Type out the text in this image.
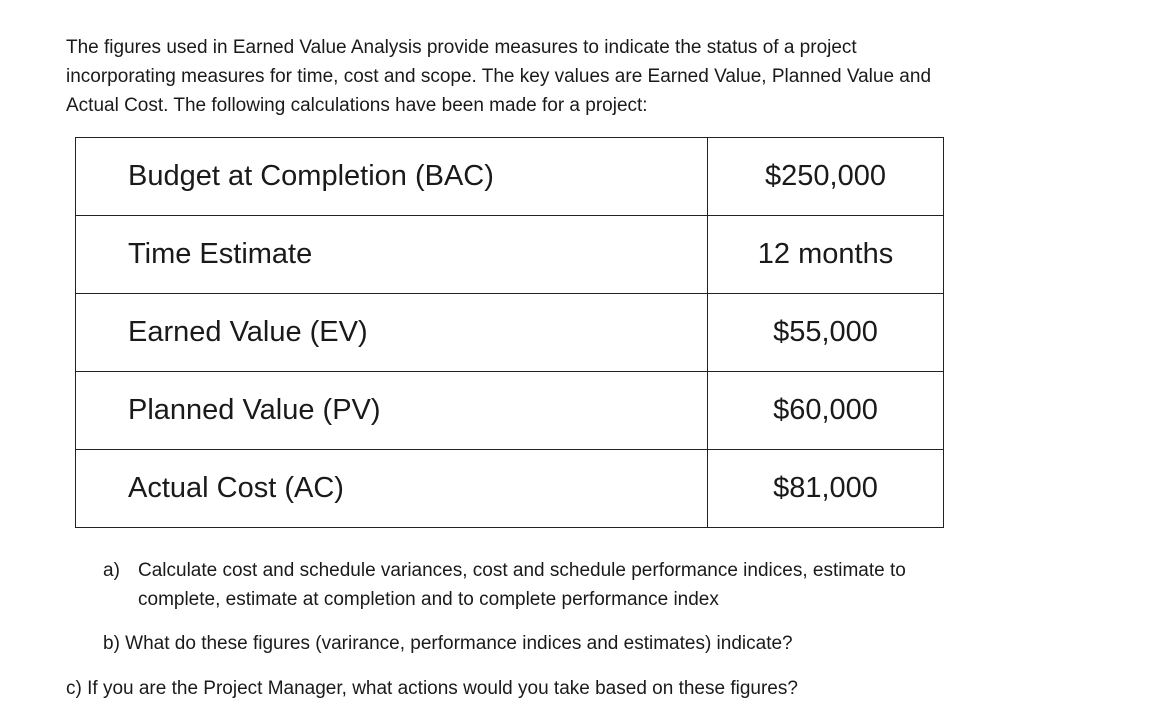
The figures used in Earned Value Analysis provide measures to indicate the status of a project
incorporating measures for time, cost and scope. The key values are Earned Value, Planned Value and
Actual Cost. The following calculations have been made for a project:
Budget at Completion (BAC)	$250,000
Time Estimate	12 months
Earned Value (EV)	$55,000
Planned Value (PV)	$60,000
Actual Cost (AC)	$81,000
a) Calculate cost and schedule variances, cost and schedule performance indices, estimate to
complete, estimate at completion and to complete performance index
b) What do these figures (varirance, performance indices and estimates) indicate?
c) If you are the Project Manager, what actions would you take based on these figures?
